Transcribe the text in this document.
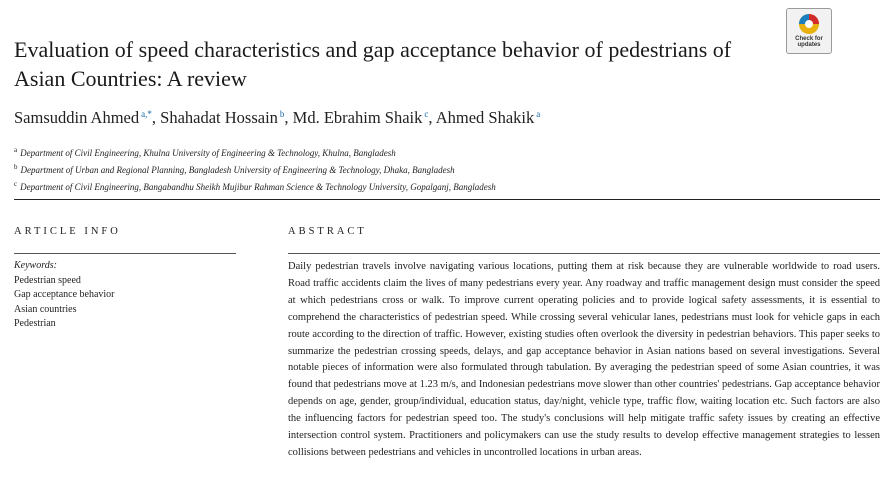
Check for updates
Evaluation of speed characteristics and gap acceptance behavior of pedestrians of Asian Countries: A review
Samsuddin Ahmed $^{a,*}$, Shahadat Hossain $^b$, Md. Ebrahim Shaik $^c$, Ahmed Shakik $^a$
$^a$ Department of Civil Engineering, Khulna University of Engineering & Technology, Khulna, Bangladesh
$^b$ Department of Urban and Regional Planning, Bangladesh University of Engineering & Technology, Dhaka, Bangladesh
$^c$ Department of Civil Engineering, Bangabandhu Sheikh Mujibur Rahman Science & Technology University, Gopalganj, Bangladesh
ARTICLE INFO	ABSTRACT
Keywords:
Pedestrian speed
Gap acceptance behavior
Asian countries
Pedestrian

Daily pedestrian travels involve navigating various locations, putting them at risk because they are vulnerable worldwide to road users. Road traffic accidents claim the lives of many pedestrians every year. Any roadway and traffic management design must consider the speed at which pedestrians cross or walk. To improve current operating policies and to provide logical safety assessments, it is essential to comprehend the characteristics of pedestrian speed. While crossing several vehicular lanes, pedestrians must look for vehicle gaps in each route according to the direction of traffic. However, existing studies often overlook the diversity in pedestrian behaviors. This paper seeks to summarize the pedestrian crossing speeds, delays, and gap acceptance behavior in Asian nations based on several investigations. Several notable pieces of information were also formulated through tabulation. By averaging the pedestrian speed of some Asian countries, it was found that pedestrians move at 1.23 m/s, and Indonesian pedestrians move slower than other countries' pedestrians. Gap acceptance behavior depends on age, gender, group/individual, education status, day/night, vehicle type, traffic flow, waiting location etc. Such factors are also the influencing factors for pedestrian speed too. The study's conclusions will help mitigate traffic safety issues by creating an effective intersection control system. Practitioners and policymakers can use the study results to develop effective management strategies to lessen collisions between pedestrians and vehicles in uncontrolled locations in urban areas.
